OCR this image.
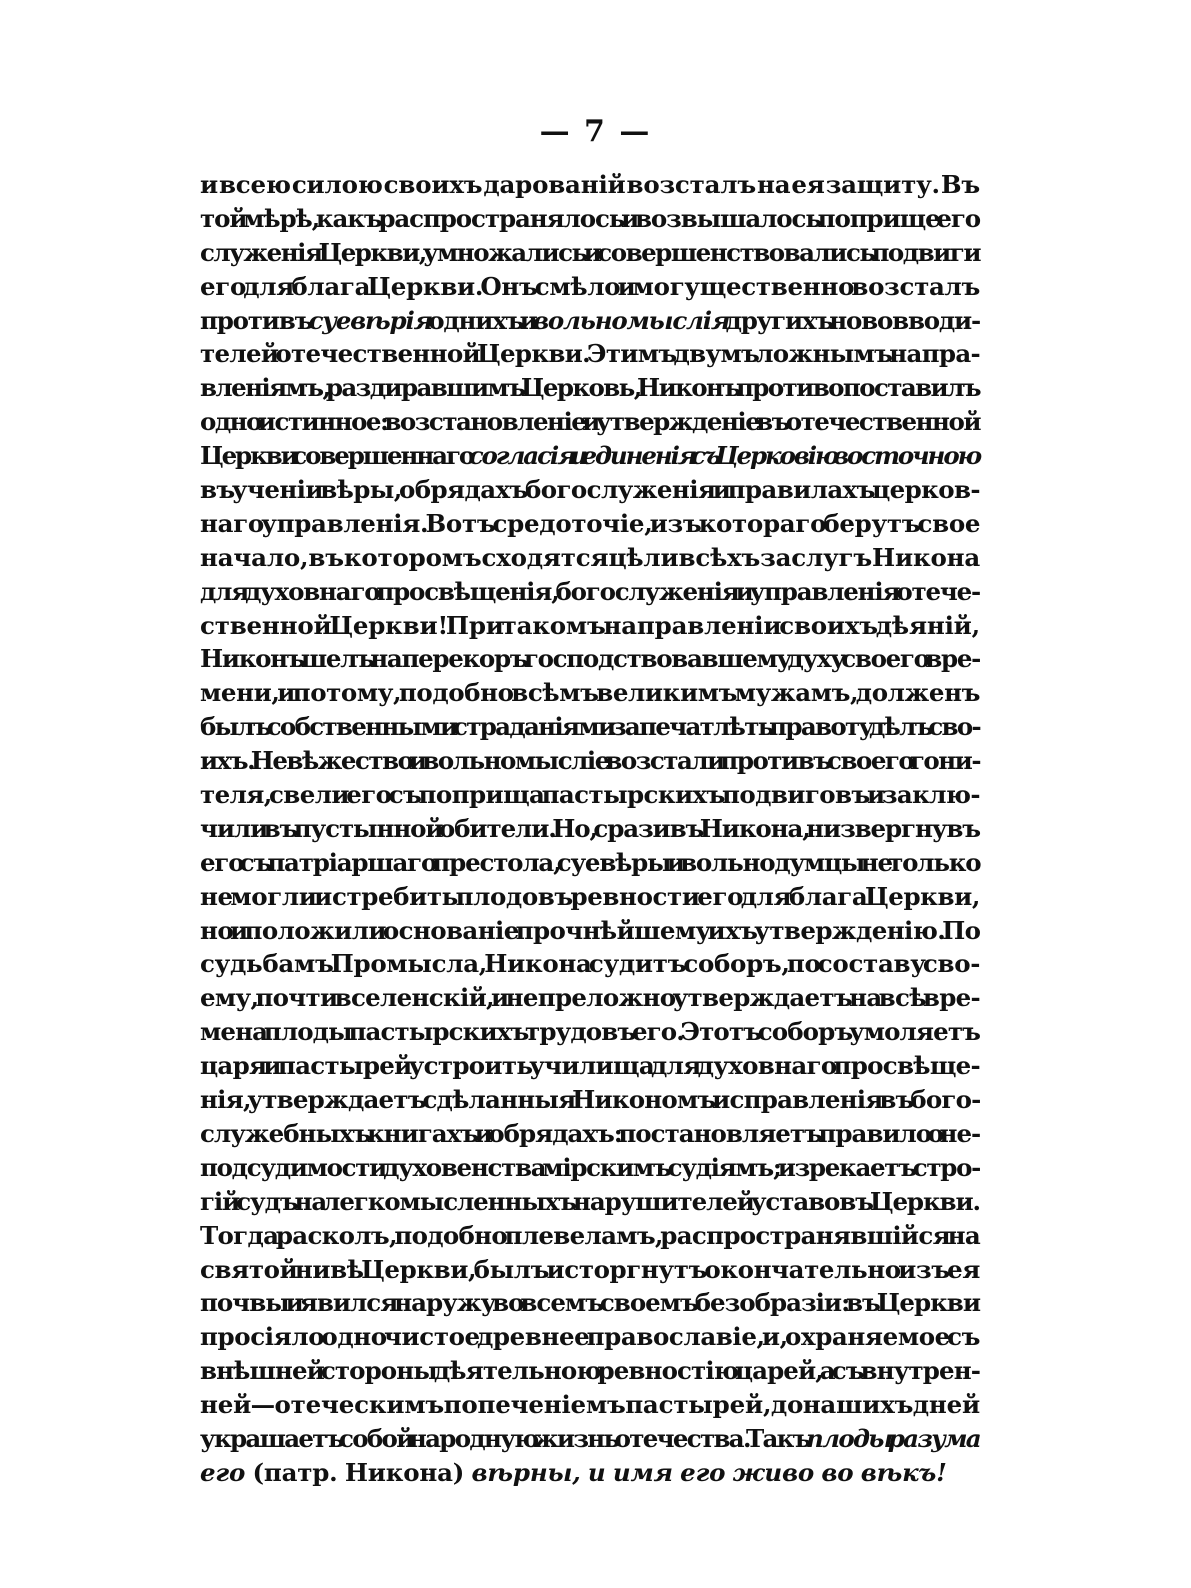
— 7 —
и всею силою своихъ дарованій возсталъ на ея защиту. Въ
той мѣрѣ, какъ распространялось и возвышалось поприще его
служенія Церкви, умножались и совершенствовались подвиги
его для блага Церкви. Онъ смѣло и могущественно возсталъ
противъ суевѣрія однихъ и вольномыслія другихъ нововводи-
телей отечественной Церкви. Этимъ двумъ ложнымъ напра-
вленіямъ, раздиравшимъ Церковь, Никонъ противопоставилъ
одно истинное: возстановленіе и утвержденіе въ отечественной
Церкви совершеннаго согласія и единенія съ Церковію восточною
въ ученіи вѣры, обрядахъ богослуженія и правилахъ церков-
наго управленія. Вотъ средоточіе, изъ котораго берутъ свое
начало, въ которомъ сходятся цѣли всѣхъ заслугъ Никона
для духовнаго просвѣщенія, богослуженія и управленія отече-
ственной Церкви! При такомъ направленіи своихъ дѣяній,
Никонъ шелъ наперекоръ господствовавшему духу своего вре-
мени, и потому, подобно всѣмъ великимъ мужамъ, долженъ
былъ собственными страданіями запечатлѣть правоту дѣлъ сво-
ихъ. Невѣжество и вольномысліе возстали противъ своего гони-
теля, свели его съ поприща пастырскихъ подвиговъ и заклю-
чили въ пустынной обители. Но, сразивъ Никона, низвергнувъ
его съ патріаршаго престола, суевѣры и вольнодумцы не только
не могли истребить плодовъ ревности его для блага Церкви,
но и положили основаніе прочнѣйшему ихъ утвержденію. По
судьбамъ Промысла, Никона судитъ соборъ, по составу сво-
ему, почти вселенскій, и непреложно утверждаетъ на всѣ вре-
мена плоды пастырскихъ трудовъ его. Этотъ соборъ умоляетъ
царя и пастырей устроить училища для духовнаго просвѣще-
нія, утверждаетъ сдѣланныя Никономъ исправленія въ бого-
служебныхъ книгахъ и обрядахъ: постановляетъ правило о не-
подсудимости духовенства мірскимъ судіямъ; изрекаетъ стро-
гій судъ на легкомысленныхъ нарушителей уставовъ Церкви.
Тогда расколъ, подобно плевеламъ, распространявшійся на
святой нивѣ Церкви, былъ исторгнутъ окончательно изъ ея
почвы и явился наружу во всемъ своемъ безобразіи: въ Церкви
просіяло одно чистое древнее православіе, и, охраняемое съ
внѣшней стороны дѣятельною ревностію царей, а съ внутрен-
ней — отеческимъ попеченіемъ пастырей, до нашихъ дней
украшаетъ собой народную жизнь отечества. Такъ плоды разума
его (патр. Никона) вѣрны, и имя его живо во вѣкъ!
